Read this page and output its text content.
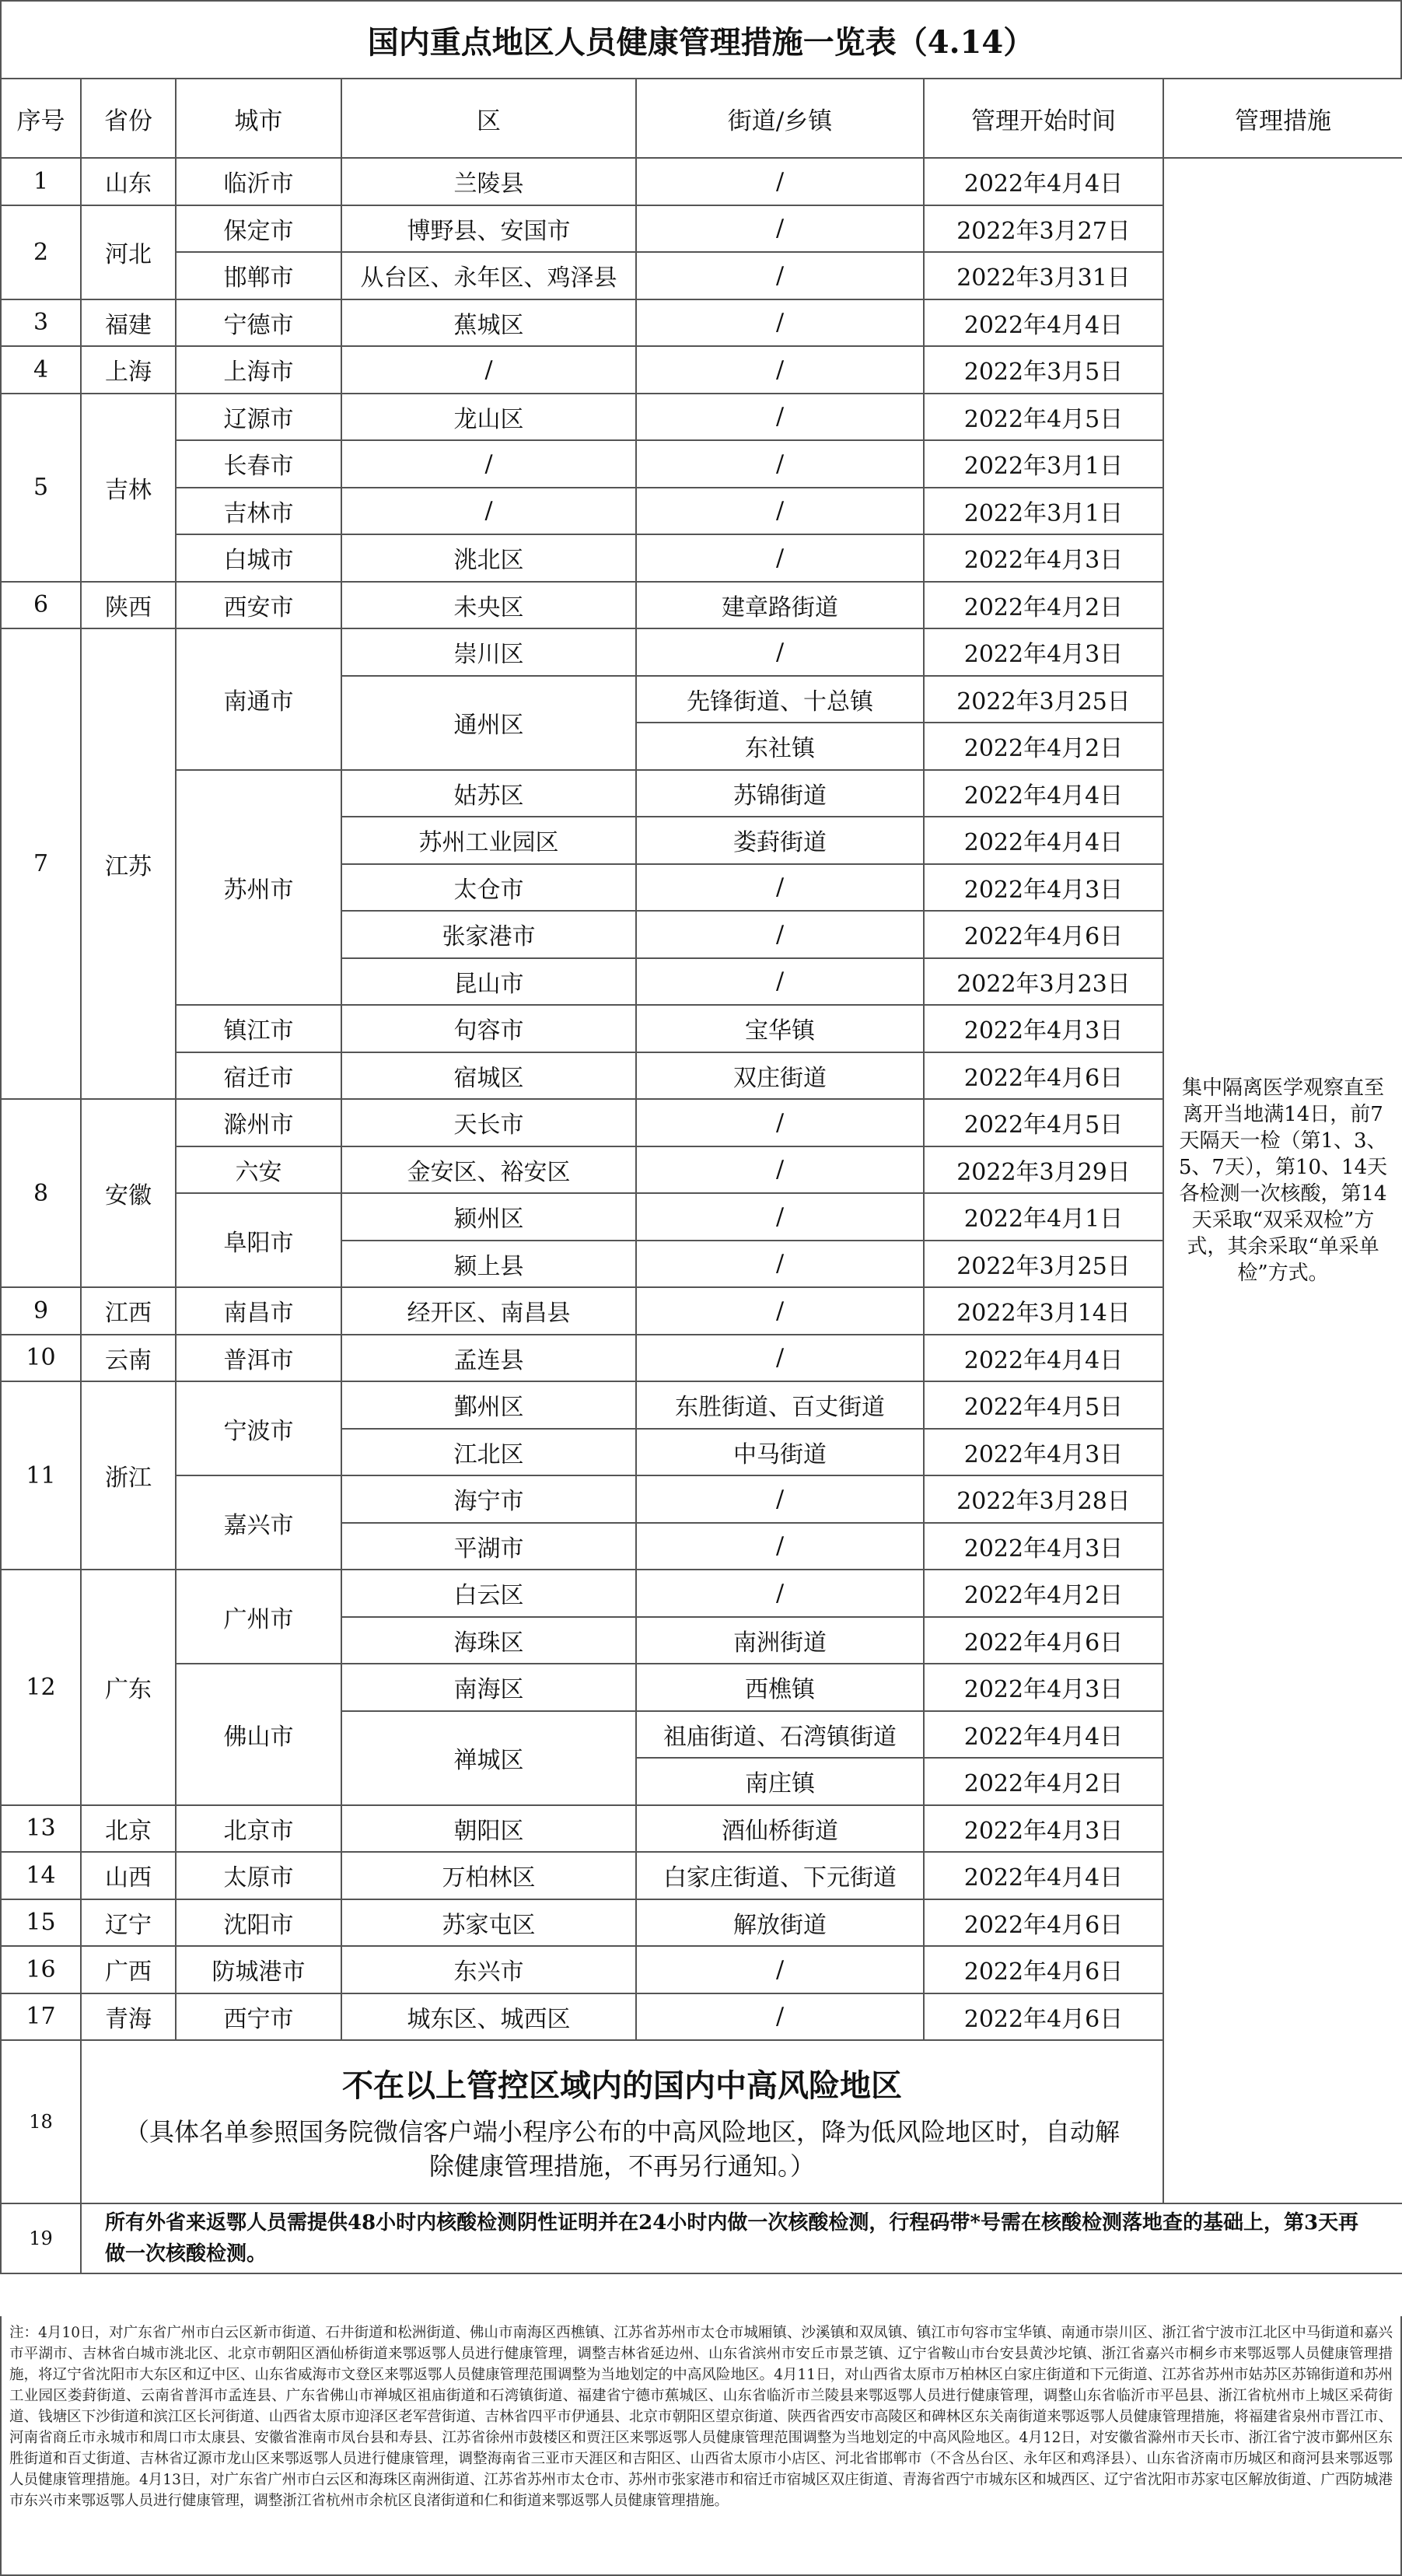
国内重点地区人员健康管理措施一览表（4.14）
序号	省份	城市	区	街道/乡镇	管理开始时间	管理措施
1	山东	临沂市	兰陵县	/	2022年4月4日	集中隔离医学观察直至离开当地满14日，前7天隔天一检（第1、3、5、7天），第10、14天各检测一次核酸，第14天采取“双采双检”方式，其余采取“单采单检”方式。
2	河北	保定市	博野县、安国市	/	2022年3月27日	
		邯郸市	从台区、永年区、鸡泽县	/	2022年3月31日	
3	福建	宁德市	蕉城区	/	2022年4月4日	
4	上海	上海市	/	/	2022年3月5日	
5	吉林	辽源市	龙山区	/	2022年4月5日	
		长春市	/	/	2022年3月1日	
		吉林市	/	/	2022年3月1日	
		白城市	洮北区	/	2022年4月3日	
6	陕西	西安市	未央区	建章路街道	2022年4月2日	
7	江苏	南通市	崇川区	/	2022年4月3日	
			通州区	先锋街道、十总镇	2022年3月25日	
				东社镇	2022年4月2日	
		苏州市	姑苏区	苏锦街道	2022年4月4日	
			苏州工业园区	娄葑街道	2022年4月4日	
			太仓市	/	2022年4月3日	
			张家港市	/	2022年4月6日	
			昆山市	/	2022年3月23日	
		镇江市	句容市	宝华镇	2022年4月3日	
		宿迁市	宿城区	双庄街道	2022年4月6日	
8	安徽	滁州市	天长市	/	2022年4月5日	
		六安	金安区、裕安区	/	2022年3月29日	
		阜阳市	颍州区	/	2022年4月1日	
			颍上县	/	2022年3月25日	
9	江西	南昌市	经开区、南昌县	/	2022年3月14日	
10	云南	普洱市	孟连县	/	2022年4月4日	
11	浙江	宁波市	鄞州区	东胜街道、百丈街道	2022年4月5日	
			江北区	中马街道	2022年4月3日	
		嘉兴市	海宁市	/	2022年3月28日	
			平湖市	/	2022年4月3日	
12	广东	广州市	白云区	/	2022年4月2日	
			海珠区	南洲街道	2022年4月6日	
		佛山市	南海区	西樵镇	2022年4月3日	
			禅城区	祖庙街道、石湾镇街道	2022年4月4日	
				南庄镇	2022年4月2日	
13	北京	北京市	朝阳区	酒仙桥街道	2022年4月3日	
14	山西	太原市	万柏林区	白家庄街道、下元街道	2022年4月4日	
15	辽宁	沈阳市	苏家屯区	解放街道	2022年4月6日	
16	广西	防城港市	东兴市	/	2022年4月6日	
17	青海	西宁市	城东区、城西区	/	2022年4月6日	
18	不在以上管控区域内的国内中高风险地区
（具体名单参照国务院微信客户端小程序公布的中高风险地区，降为低风险地区时，自动解除健康管理措施，不再另行通知。）					

19	所有外省来返鄂人员需提供48小时内核酸检测阴性证明并在24小时内做一次核酸检测，行程码带*号需在核酸检测落地查的基础上，第3天再做一次核酸检测。					
注：4月10日，对广东省广州市白云区新市街道、石井街道和松洲街道、佛山市南海区西樵镇、江苏省苏州市太仓市城厢镇、沙溪镇和双凤镇、镇江市句容市宝华镇、南通市崇川区、浙江省宁波市江北区中马街道和嘉兴市平湖市、吉林省白城市洮北区、北京市朝阳区酒仙桥街道来鄂返鄂人员进行健康管理，调整吉林省延边州、山东省滨州市安丘市景芝镇、辽宁省鞍山市台安县黄沙坨镇、浙江省嘉兴市桐乡市来鄂返鄂人员健康管理措施，将辽宁省沈阳市大东区和辽中区、山东省威海市文登区来鄂返鄂人员健康管理范围调整为当地划定的中高风险地区。4月11日，对山西省太原市万柏林区白家庄街道和下元街道、江苏省苏州市姑苏区苏锦街道和苏州工业园区娄葑街道、云南省普洱市孟连县、广东省佛山市禅城区祖庙街道和石湾镇街道、福建省宁德市蕉城区、山东省临沂市兰陵县来鄂返鄂人员进行健康管理，调整山东省临沂市平邑县、浙江省杭州市上城区采荷街道、钱塘区下沙街道和滨江区长河街道、山西省太原市迎泽区老军营街道、吉林省四平市伊通县、北京市朝阳区望京街道、陕西省西安市高陵区和碑林区东关南街道来鄂返鄂人员健康管理措施，将福建省泉州市晋江市、河南省商丘市永城市和周口市太康县、安徽省淮南市凤台县和寿县、江苏省徐州市鼓楼区和贾汪区来鄂返鄂人员健康管理范围调整为当地划定的中高风险地区。4月12日，对安徽省滁州市天长市、浙江省宁波市鄞州区东胜街道和百丈街道、吉林省辽源市龙山区来鄂返鄂人员进行健康管理，调整海南省三亚市天涯区和吉阳区、山西省太原市小店区、河北省邯郸市（不含丛台区、永年区和鸡泽县）、山东省济南市历城区和商河县来鄂返鄂人员健康管理措施。4月13日，对广东省广州市白云区和海珠区南洲街道、江苏省苏州市太仓市、苏州市张家港市和宿迁市宿城区双庄街道、青海省西宁市城东区和城西区、辽宁省沈阳市苏家屯区解放街道、广西防城港市东兴市来鄂返鄂人员进行健康管理，调整浙江省杭州市余杭区良渚街道和仁和街道来鄂返鄂人员健康管理措施。
